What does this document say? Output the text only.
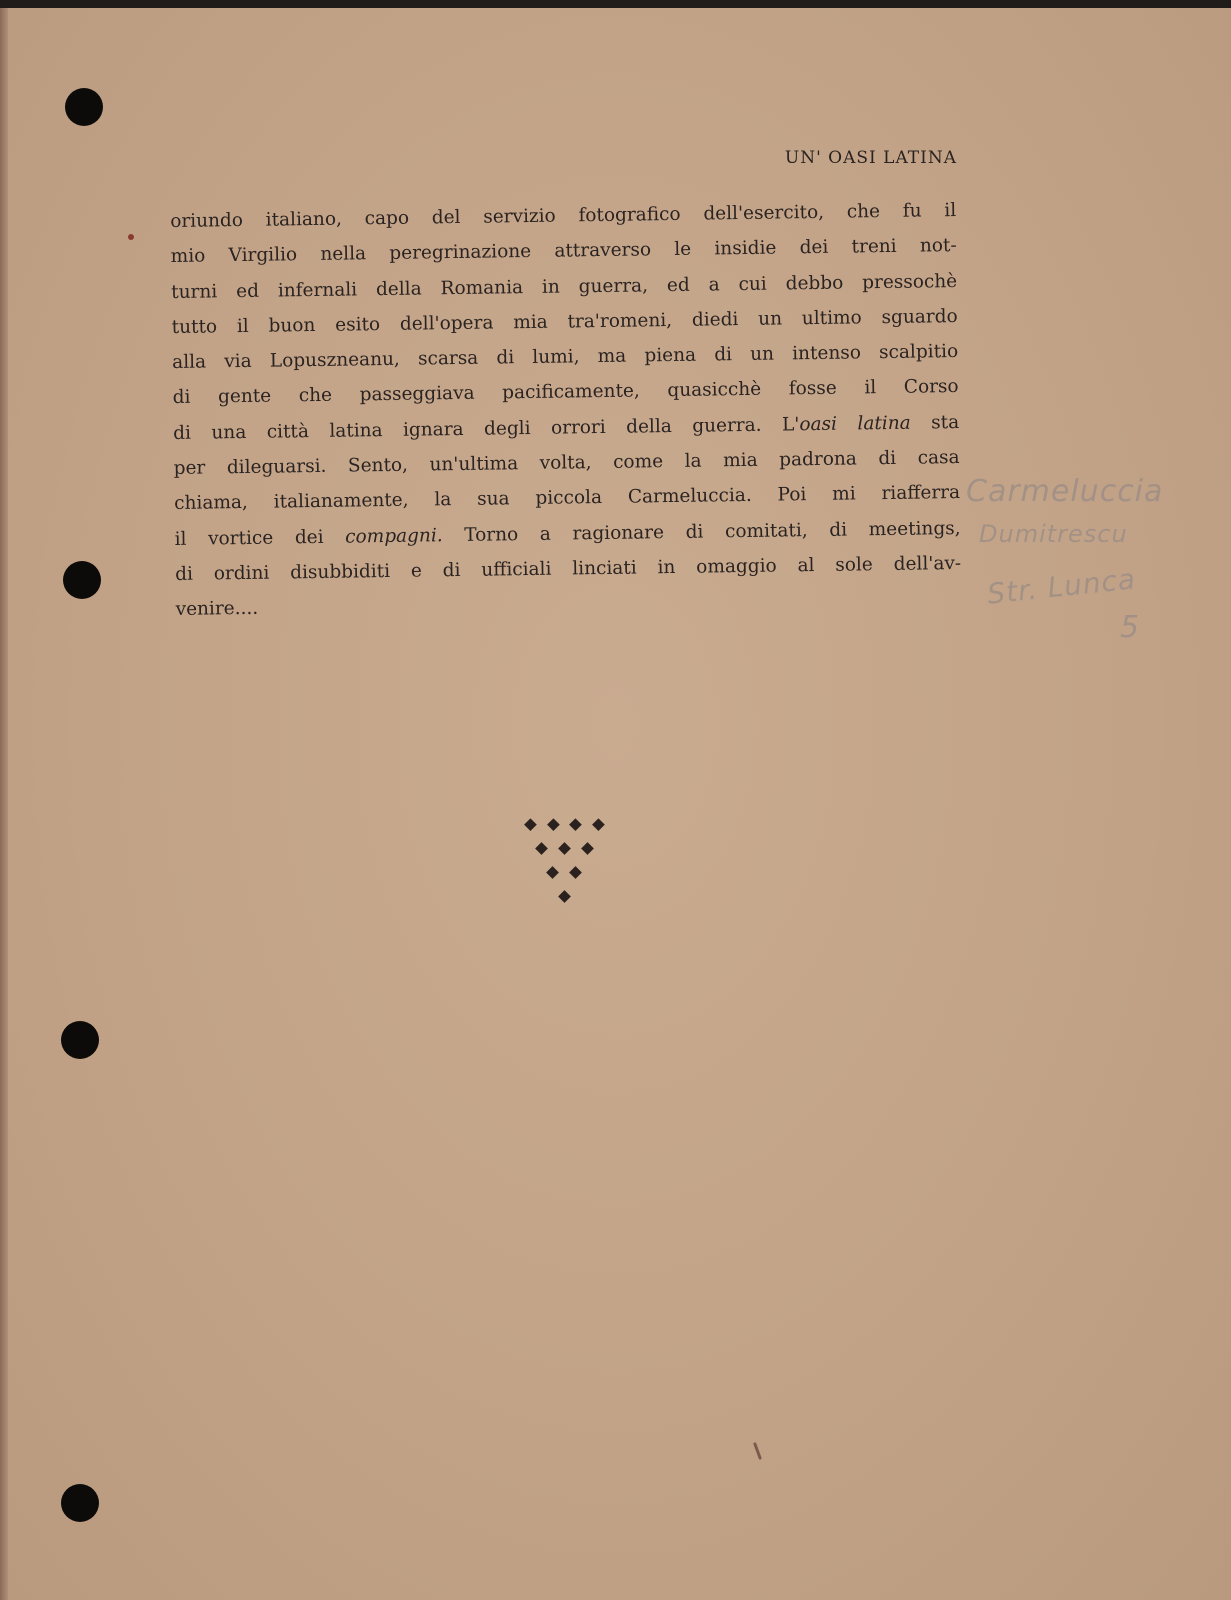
UN' OASI LATINA
oriundo italiano, capo del servizio fotografico dell'esercito, che fu il
mio Virgilio nella peregrinazione attraverso le insidie dei treni not-
turni ed infernali della Romania in guerra, ed a cui debbo pressochè
tutto il buon esito dell'opera mia tra'romeni, diedi un ultimo sguardo
alla via Lopuszneanu, scarsa di lumi, ma piena di un intenso scalpitio
di gente che passeggiava pacificamente, quasicchè fosse il Corso
di una città latina ignara degli orrori della guerra. L'oasi latina sta
per dileguarsi. Sento, un'ultima volta, come la mia padrona di casa
chiama, italianamente, la sua piccola Carmeluccia. Poi mi riafferra
il vortice dei compagni. Torno a ragionare di comitati, di meetings,
di ordini disubbiditi e di ufficiali linciati in omaggio al sole dell'av-
venire....
Carmeluccia
Dumitrescu
Str. Lunca
5
